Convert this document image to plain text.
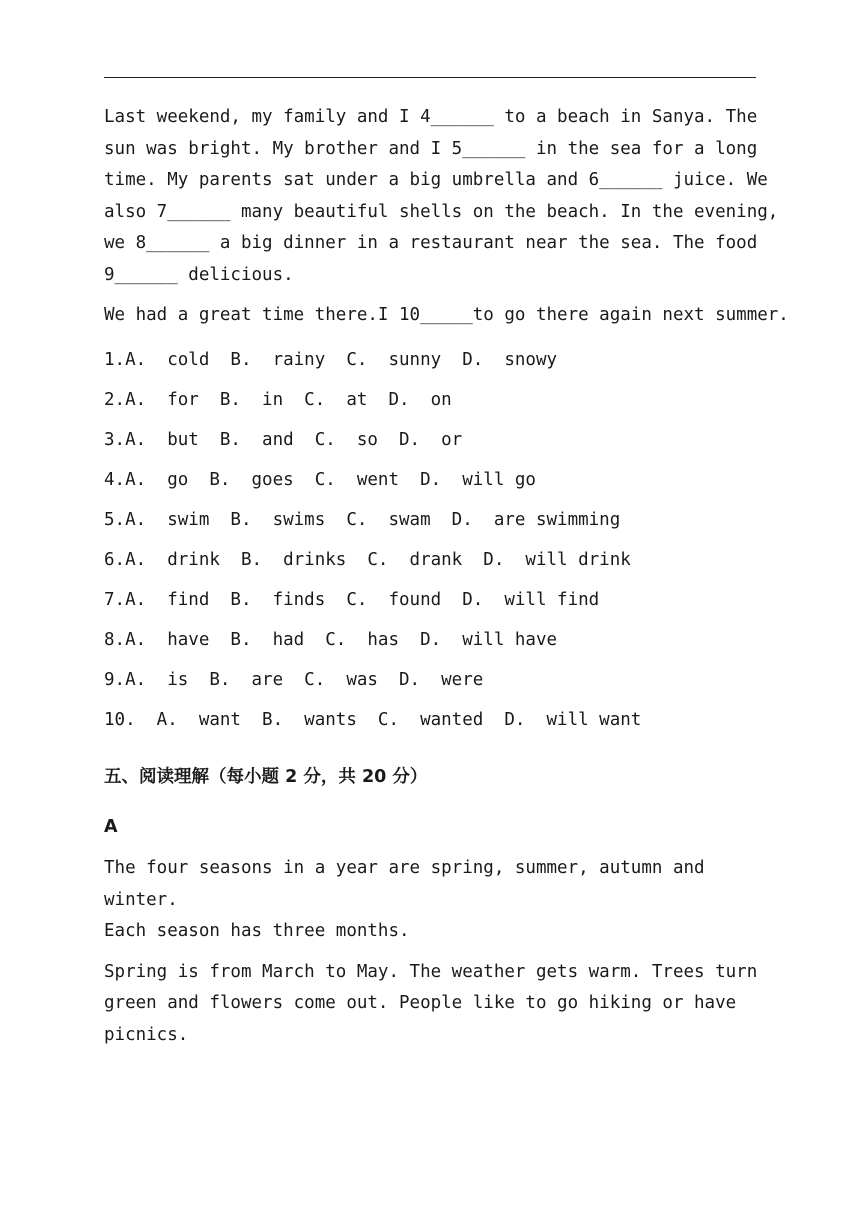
Last weekend, my family and I 4______ to a beach in Sanya. The
sun was bright. My brother and I 5______ in the sea for a long
time. My parents sat under a big umbrella and 6______ juice. We
also 7______ many beautiful shells on the beach. In the evening,
we 8______ a big dinner in a restaurant near the sea. The food
9______ delicious.

We had a great time there.I 10_____to go there again next summer.

1.A.  cold  B.  rainy  C.  sunny  D.  snowy
2.A.  for  B.  in  C.  at  D.  on
3.A.  but  B.  and  C.  so  D.  or
4.A.  go  B.  goes  C.  went  D.  will go
5.A.  swim  B.  swims  C.  swam  D.  are swimming
6.A.  drink  B.  drinks  C.  drank  D.  will drink
7.A.  find  B.  finds  C.  found  D.  will find
8.A.  have  B.  had  C.  has  D.  will have
9.A.  is  B.  are  C.  was  D.  were
10.  A.  want  B.  wants  C.  wanted  D.  will want
五、阅读理解（每小题 2 分，共 20 分）
A

The four seasons in a year are spring, summer, autumn and winter.
Each season has three months.

Spring is from March to May. The weather gets warm. Trees turn
green and flowers come out. People like to go hiking or have
picnics.
